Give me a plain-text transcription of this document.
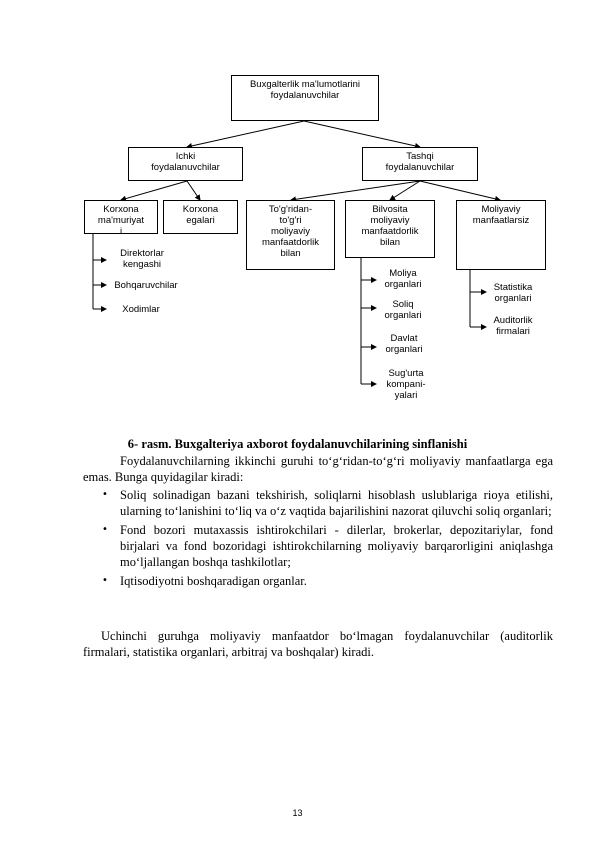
Buxgalterlik ma'lumotlarini
foydalanuvchilar
Ichki
foydalanuvchilar
Tashqi
foydalanuvchilar
Korxona
ma'muriyat
i
Korxona
egalari
To'g'ridan-
to'g'ri
moliyaviy
manfaatdorlik
bilan
Bilvosita
moliyaviy
manfaatdorlik
bilan
Moliyaviy
manfaatlarsiz
Direktorlar
kengashi
Bohqaruvchilar
Xodimlar
Moliya
organlari
Soliq
organlari
Davlat
organlari
Sug'urta
kompani-
yalari
Statistika
organlari
Auditorlik
firmalari
6- rasm. Buxgalteriya axborot foydalanuvchilarining sinflanishi
Foydalanuvchilarning ikkinchi guruhi to‘g‘ridan-to‘g‘ri moliyaviy manfaatlarga ega emas. Bunga quyidagilar kiradi:
• Soliq solinadigan bazani tekshirish, soliqlarni hisoblash uslublariga rioya etilishi, ularning to‘lanishini to‘liq va o‘z vaqtida bajarilishini nazorat qiluvchi soliq organlari;
• Fond bozori mutaxassis ishtirokchilari - dilerlar, brokerlar, depozitariylar, fond birjalari va fond bozoridagi ishtirokchilarning moliyaviy barqarorligini aniqlashga mo‘ljallangan boshqa tashkilotlar;
• Iqtisodiyotni boshqaradigan organlar.
Uchinchi guruhga moliyaviy manfaatdor bo‘lmagan foydalanuvchilar (auditorlik firmalari, statistika organlari, arbitraj va boshqalar) kiradi.
13
